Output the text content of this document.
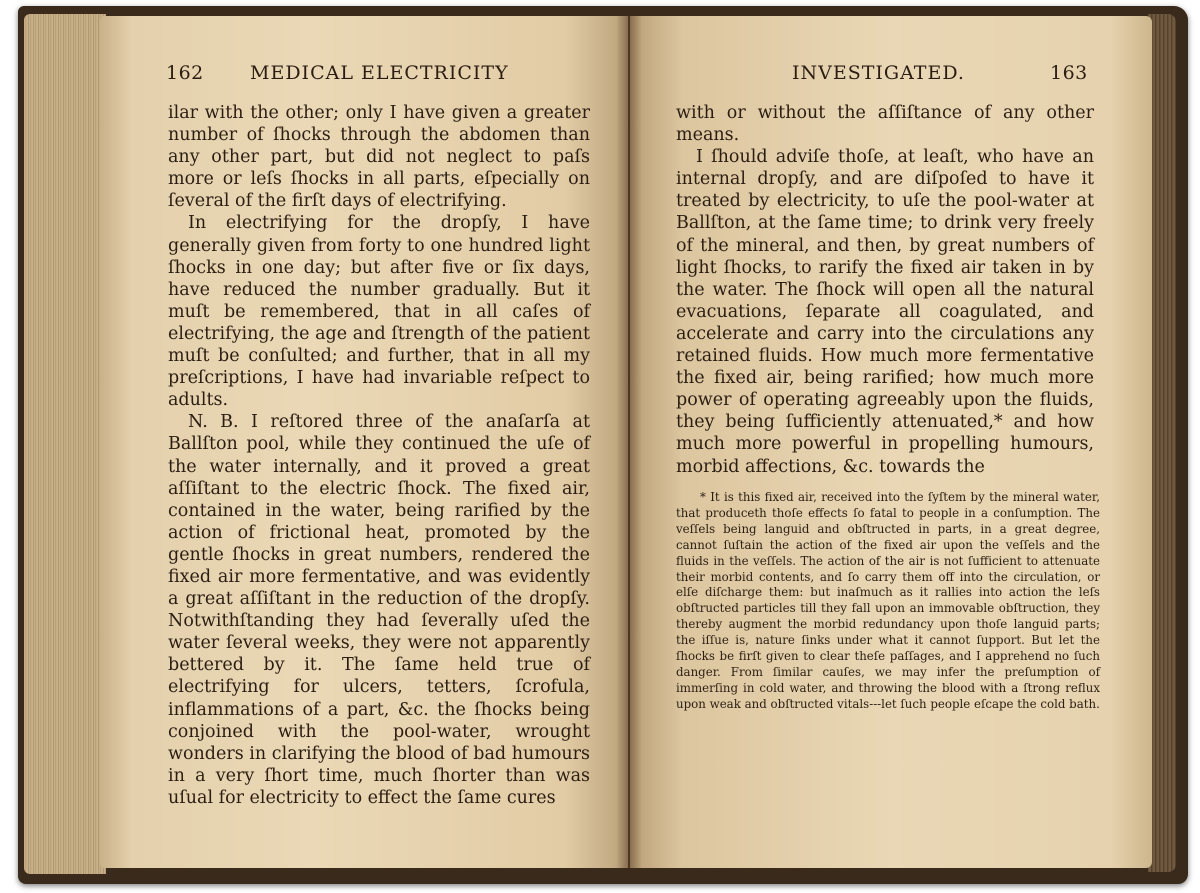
162 MEDICAL ELECTRICITY

ilar with the other; only I have given a greater number of ſhocks through the abdomen than any other part, but did not neglect to paſs more or leſs ſhocks in all parts, eſpecially on ſeveral of the firſt days of electrifying.

In electrifying for the dropſy, I have generally given from forty to one hundred light ſhocks in one day; but after five or ſix days, have reduced the number gradually. But it muſt be remembered, that in all caſes of electrifying, the age and ſtrength of the patient muſt be conſulted; and further, that in all my preſcriptions, I have had invariable reſpect to adults.

N. B. I reſtored three of the anaſarſa at Ballſton pool, while they continued the uſe of the water internally, and it proved a great aſſiſtant to the electric ſhock. The fixed air, contained in the water, being rarified by the action of frictional heat, promoted by the gentle ſhocks in great numbers, rendered the fixed air more fermentative, and was evidently a great aſſiſtant in the reduction of the dropſy. Notwithſtanding they had ſeverally uſed the water ſeveral weeks, they were not apparently bettered by it. The ſame held true of electrifying for ulcers, tetters, ſcrofula, inflammations of a part, &c. the ſhocks being conjoined with the pool-water, wrought wonders in clarifying the blood of bad humours in a very ſhort time, much ſhorter than was uſual for electricity to effect the ſame cures

INVESTIGATED.	163

with or without the aſſiſtance of any other means.

I ſhould adviſe thoſe, at leaſt, who have an internal dropſy, and are diſpoſed to have it treated by electricity, to uſe the pool-water at Ballſton, at the ſame time; to drink very freely of the mineral, and then, by great numbers of light ſhocks, to rarify the fixed air taken in by the water. The ſhock will open all the natural evacuations, ſeparate all coagulated, and accelerate and carry into the circulations any retained fluids. How much more fermentative the fixed air, being rarified; how much more power of operating agreeably upon the fluids, they being ſufficiently attenuated,* and how much more powerful in propelling humours, morbid affections, &c. towards the

* It is this fixed air, received into the ſyſtem by the mineral water, that produceth thoſe effects ſo fatal to people in a conſumption. The veſſels being languid and obſtructed in parts, in a great degree, cannot ſuſtain the action of the fixed air upon the veſſels and the fluids in the veſſels. The action of the air is not ſufficient to attenuate their morbid contents, and ſo carry them off into the circulation, or elſe diſcharge them: but inaſmuch as it rallies into action the leſs obſtructed particles till they fall upon an immovable obſtruction, they thereby augment the morbid redundancy upon thoſe languid parts; the iſſue is, nature ſinks under what it cannot ſupport. But let the ſhocks be firſt given to clear theſe paſſages, and I apprehend no ſuch danger. From ſimilar cauſes, we may infer the preſumption of immerſing in cold water, and throwing the blood with a ſtrong reflux upon weak and obſtructed vitals---let ſuch people eſcape the cold bath.
